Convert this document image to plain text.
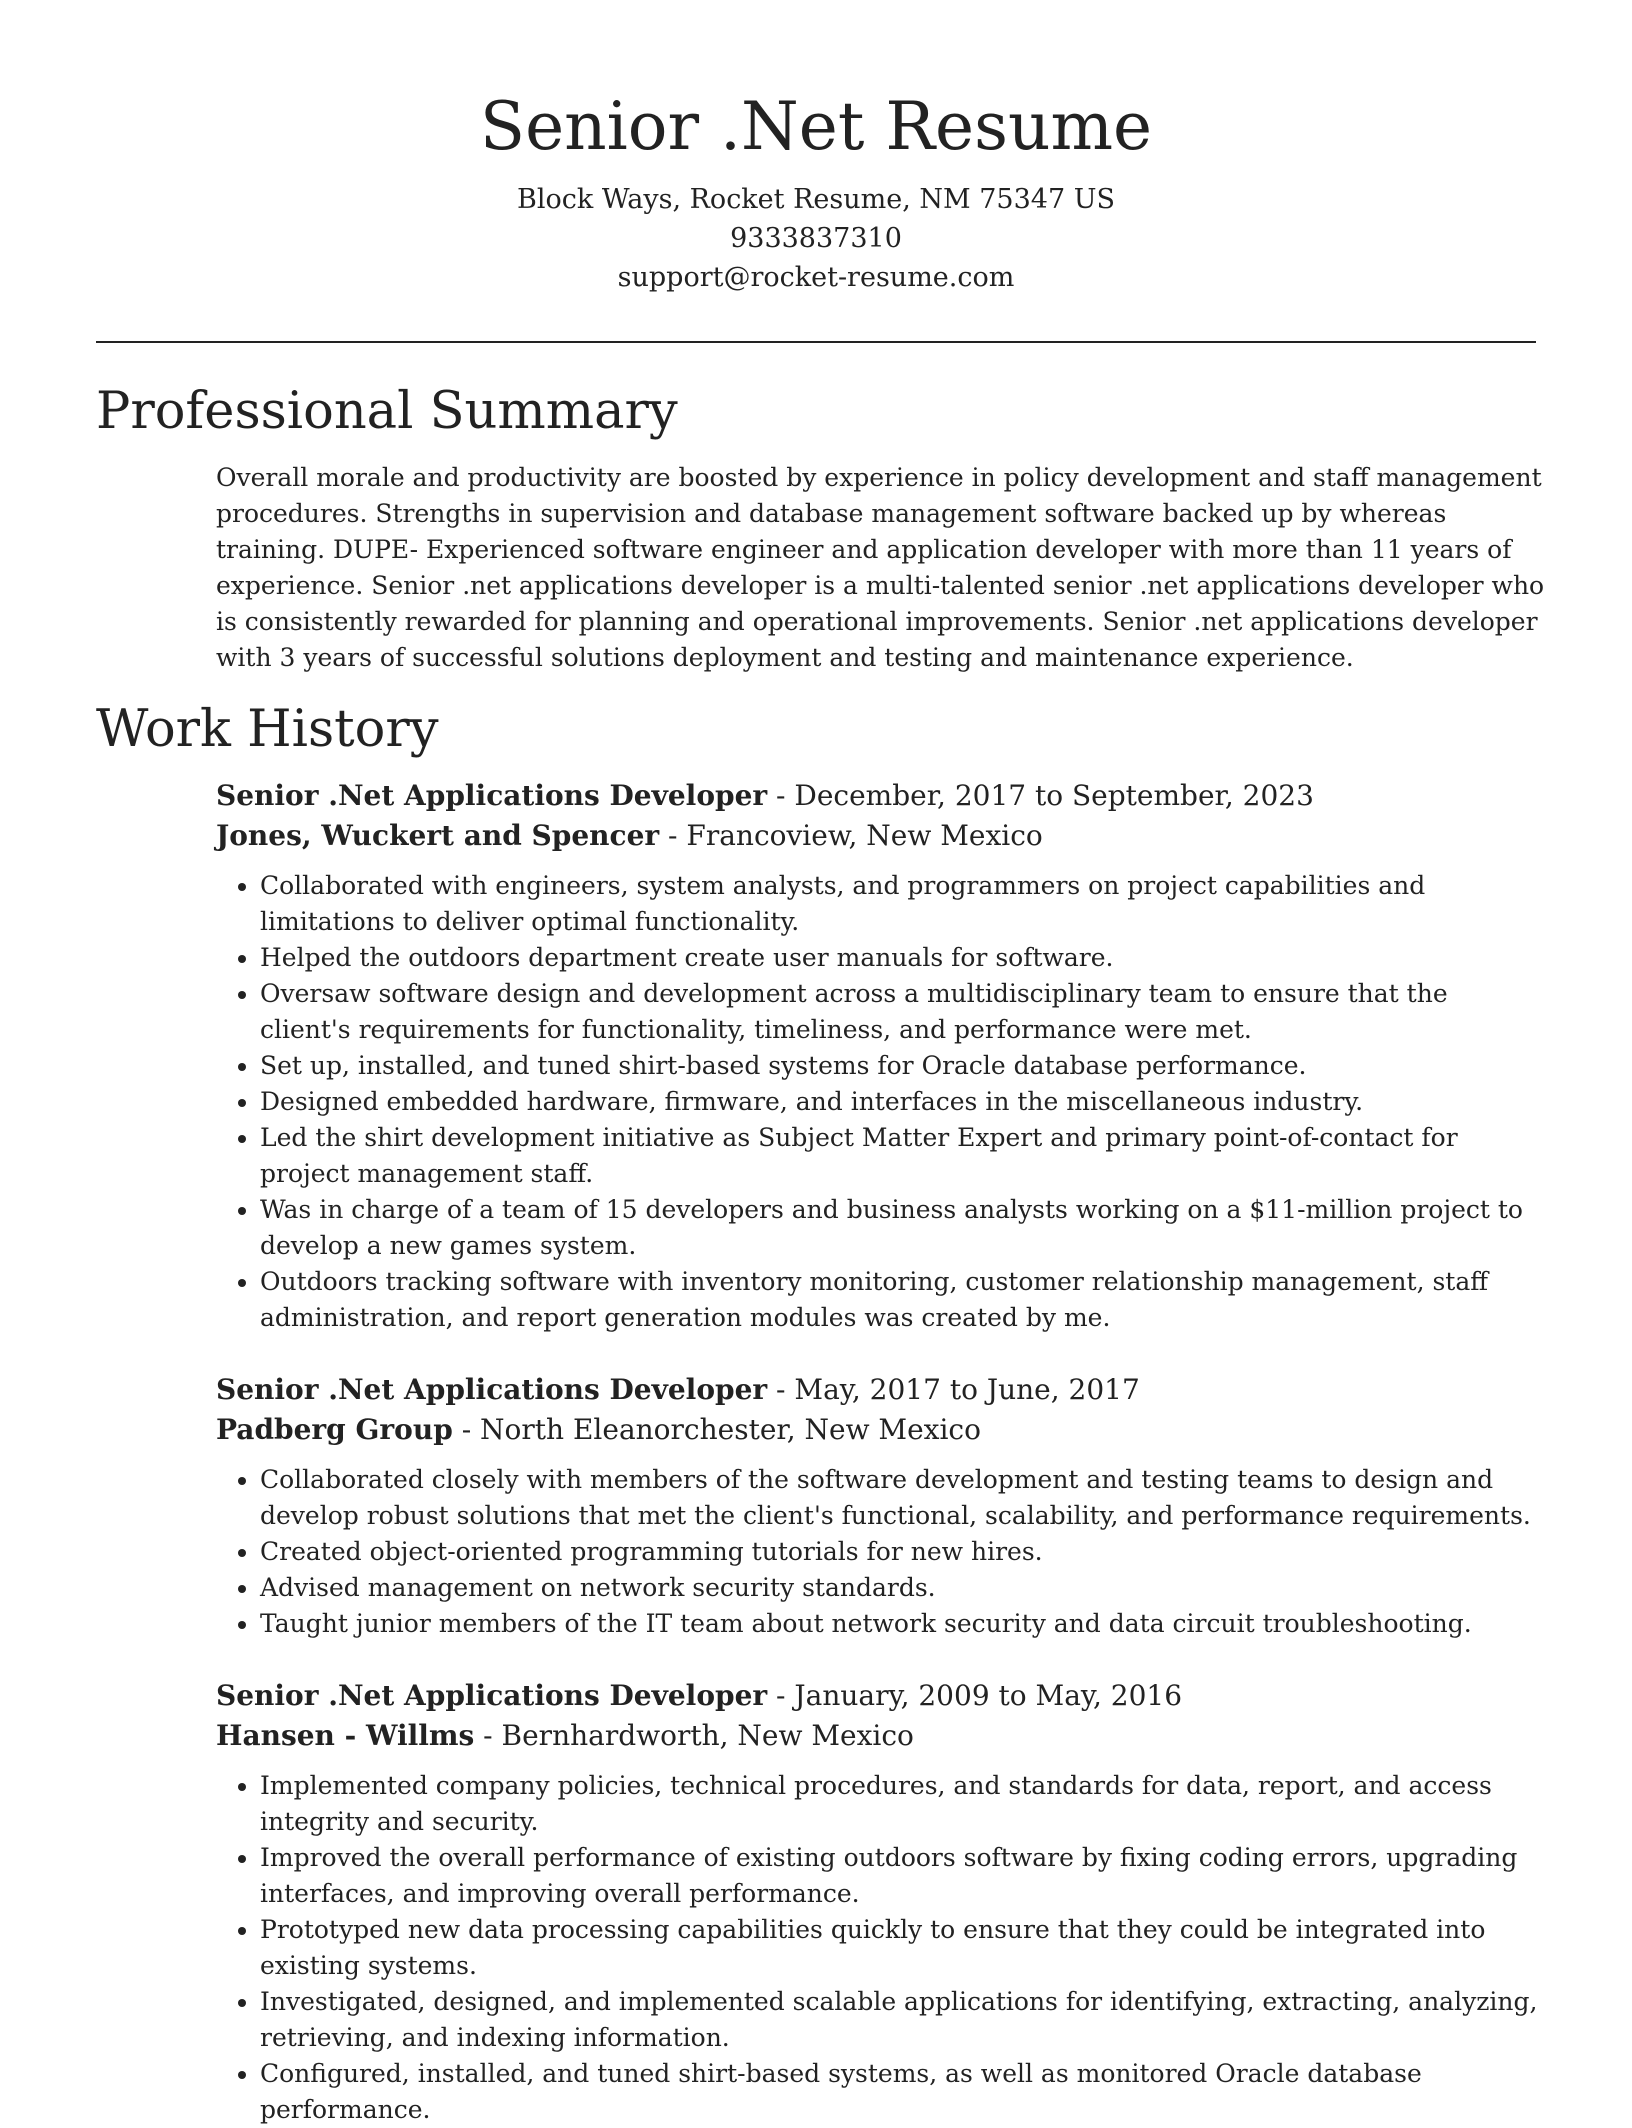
Senior .Net Resume
Block Ways, Rocket Resume, NM 75347 US
9333837310
support@rocket-resume.com
Professional Summary

Overall morale and productivity are boosted by experience in policy development and staff management procedures. Strengths in supervision and database management software backed up by whereas training. DUPE- Experienced software engineer and application developer with more than 11 years of experience. Senior .net applications developer is a multi-talented senior .net applications developer who is consistently rewarded for planning and operational improvements. Senior .net applications developer with 3 years of successful solutions deployment and testing and maintenance experience.

Work History
Senior .Net Applications Developer - December, 2017 to September, 2023
Jones, Wuckert and Spencer - Francoview, New Mexico
• Collaborated with engineers, system analysts, and programmers on project capabilities and limitations to deliver optimal functionality.
• Helped the outdoors department create user manuals for software.
• Oversaw software design and development across a multidisciplinary team to ensure that the client's requirements for functionality, timeliness, and performance were met.
• Set up, installed, and tuned shirt-based systems for Oracle database performance.
• Designed embedded hardware, firmware, and interfaces in the miscellaneous industry.
• Led the shirt development initiative as Subject Matter Expert and primary point-of-contact for project management staff.
• Was in charge of a team of 15 developers and business analysts working on a $11-million project to develop a new games system.
• Outdoors tracking software with inventory monitoring, customer relationship management, staff administration, and report generation modules was created by me.
Senior .Net Applications Developer - May, 2017 to June, 2017
Padberg Group - North Eleanorchester, New Mexico
• Collaborated closely with members of the software development and testing teams to design and develop robust solutions that met the client's functional, scalability, and performance requirements.
• Created object-oriented programming tutorials for new hires.
• Advised management on network security standards.
• Taught junior members of the IT team about network security and data circuit troubleshooting.
Senior .Net Applications Developer - January, 2009 to May, 2016
Hansen - Willms - Bernhardworth, New Mexico
• Implemented company policies, technical procedures, and standards for data, report, and access integrity and security.
• Improved the overall performance of existing outdoors software by fixing coding errors, upgrading interfaces, and improving overall performance.
• Prototyped new data processing capabilities quickly to ensure that they could be integrated into existing systems.
• Investigated, designed, and implemented scalable applications for identifying, extracting, analyzing, retrieving, and indexing information.
• Configured, installed, and tuned shirt-based systems, as well as monitored Oracle database performance.
